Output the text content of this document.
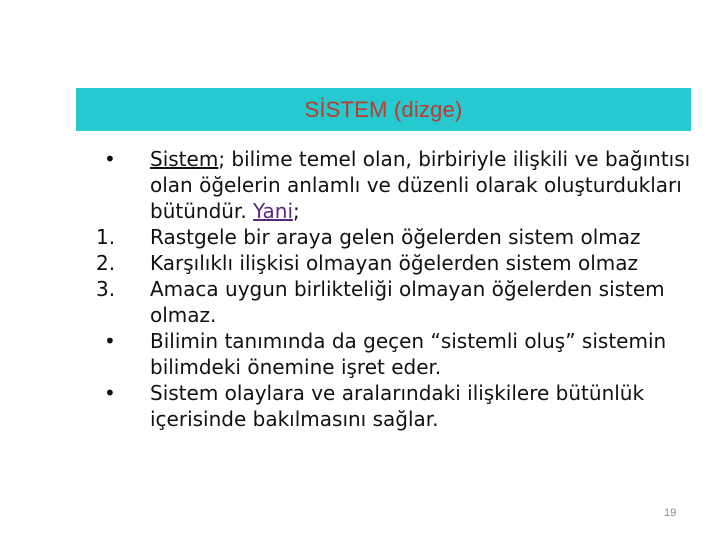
SİSTEM (dizge)
•	Sistem; bilime temel olan, birbiriyle ilişkili ve bağıntısı olan öğelerin anlamlı ve düzenli olarak oluşturdukları bütündür. Yani;
1.	Rastgele bir araya gelen öğelerden sistem olmaz
2.	Karşılıklı ilişkisi olmayan öğelerden sistem olmaz
3.	Amaca uygun birlikteliği olmayan öğelerden sistem olmaz.
•	Bilimin tanımında da geçen “sistemli oluş” sistemin bilimdeki önemine işret eder.
•	Sistem olaylara ve aralarındaki ilişkilere bütünlük içerisinde bakılmasını sağlar.
19
